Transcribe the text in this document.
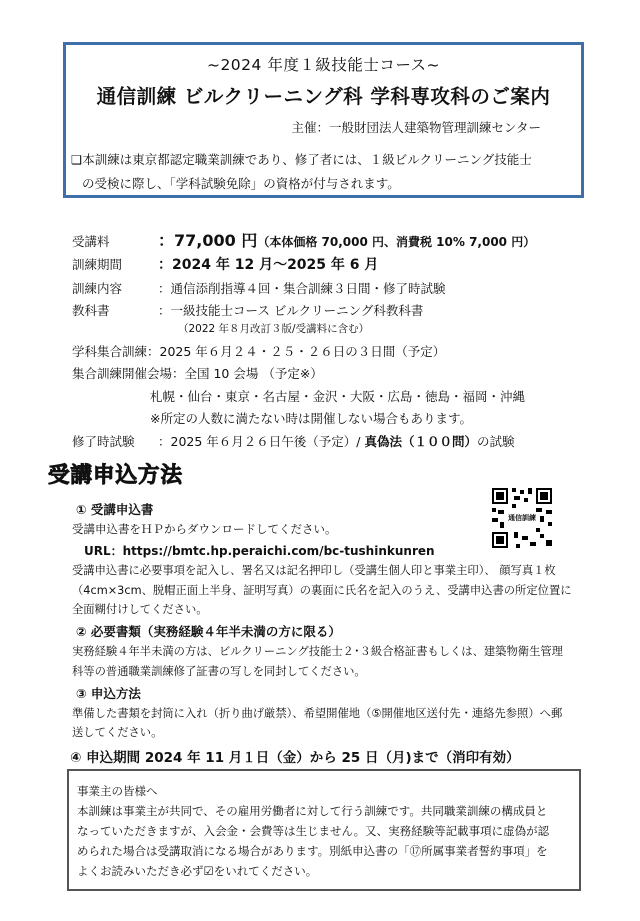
~2024 年度１級技能士コース~
通信訓練 ビルクリーニング科 学科専攻科のご案内
主催：一般財団法人建築物管理訓練センター
❏本訓練は東京都認定職業訓練であり、修了者には、１級ビルクリーニング技能士
の受検に際し、「学科試験免除」の資格が付与されます。
受講料	：77,000 円（本体価格 70,000 円、消費税 10% 7,000 円）
訓練期間	：2024 年 12 月～2025 年 6 月
訓練内容	：通信添削指導４回・集合訓練３日間・修了時試験
教科書	：一級技能士コース ビルクリーニング科教科書
（2022 年８月改訂３版/受講料に含む）
学科集合訓練：2025 年６月２４・２５・２６日の３日間（予定）
集合訓練開催会場：全国 10 会場 （予定※）
札幌・仙台・東京・名古屋・金沢・大阪・広島・徳島・福岡・沖縄
※所定の人数に満たない時は開催しない場合もあります。
修了時試験 ：2025 年６月２６日午後（予定）/ 真偽法（１００問）の試験
受講申込方法
通信訓練
① 受講申込書
受講申込書をＨＰからダウンロードしてください。
URL：https://bmtc.hp.peraichi.com/bc-tushinkunren
受講申込書に必要事項を記入し、署名又は記名押印し（受講生個人印と事業主印）、 顔写真１枚
（4cm×3cm、脱帽正面上半身、証明写真）の裏面に氏名を記入のうえ、受講申込書の所定位置に
全面糊付けしてください。
② 必要書類（実務経験４年半未満の方に限る）
実務経験４年半未満の方は、ビルクリーニング技能士２･３級合格証書もしくは、建築物衛生管理
科等の普通職業訓練修了証書の写しを同封してください。
③ 申込方法
準備した書類を封筒に入れ（折り曲げ厳禁）、希望開催地（⑤開催地区送付先・連絡先参照）へ郵
送してください。
④ 申込期間 2024 年 11 月１日（金）から 25 日（月)まで（消印有効）
事業主の皆様へ
本訓練は事業主が共同で、その雇用労働者に対して行う訓練です。共同職業訓練の構成員と
なっていただきますが、入会金・会費等は生じません。又、実務経験等記載事項に虚偽が認
められた場合は受講取消になる場合があります。別紙申込書の「⑰所属事業者誓約事項」を
よくお読みいただき必ず☑をいれてください。
